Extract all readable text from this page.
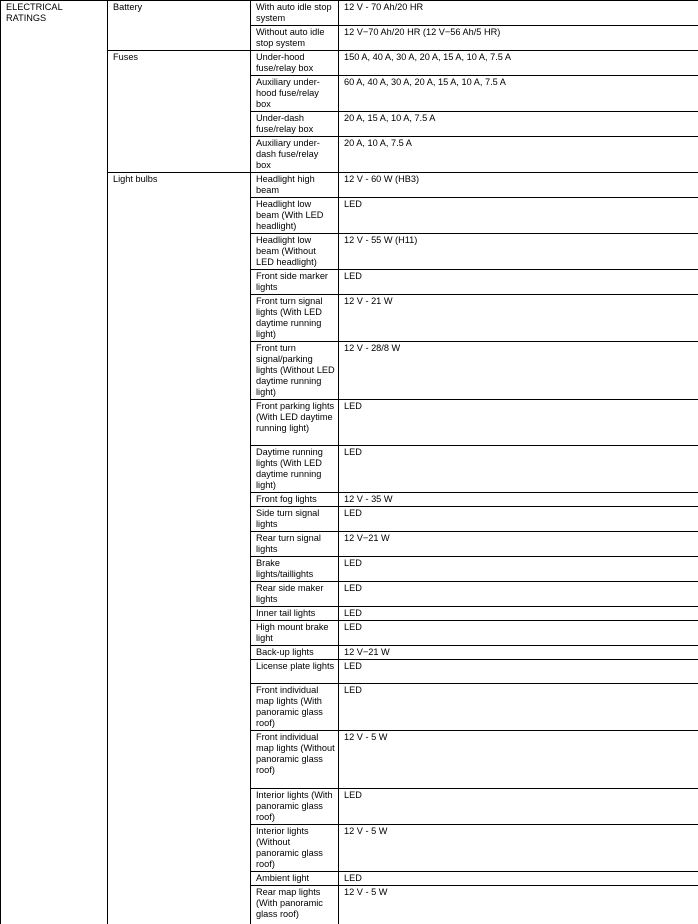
ELECTRICAL
RATINGS	Battery	With auto idle stop system	12 V - 70 Ah/20 HR
		Without auto idle stop system	12 V−70 Ah/20 HR (12 V−56 Ah/5 HR)
	Fuses	Under-hood fuse/relay box	150 A, 40 A, 30 A, 20 A, 15 A, 10 A, 7.5 A
		Auxiliary under-hood fuse/relay box	60 A, 40 A, 30 A, 20 A, 15 A, 10 A, 7.5 A
		Under-dash fuse/relay box	20 A, 15 A, 10 A, 7.5 A
		Auxiliary under-dash fuse/relay box	20 A, 10 A, 7.5 A
	Light bulbs	Headlight high beam	12 V - 60 W (HB3)
		Headlight low beam (With LED headlight)	LED
		Headlight low beam (Without LED headlight)	12 V - 55 W (H11)
		Front side marker lights	LED
		Front turn signal lights (With LED daytime running light)	12 V - 21 W
		Front turn signal/parking lights (Without LED daytime running light)	12 V - 28/8 W
		Front parking lights (With LED daytime running light)	LED
		Daytime running lights (With LED daytime running light)	LED
		Front fog lights	12 V - 35 W
		Side turn signal lights	LED
		Rear turn signal lights	12 V−21 W
		Brake lights/taillights	LED
		Rear side maker lights	LED
		Inner tail lights	LED
		High mount brake light	LED
		Back-up lights	12 V−21 W
		License plate lights	LED
		Front individual map lights (With panoramic glass roof)	LED
		Front individual map lights (Without panoramic glass roof)	12 V - 5 W
		Interior lights (With panoramic glass roof)	LED
		Interior lights (Without panoramic glass roof)	12 V - 5 W
		Ambient light	LED
		Rear map lights (With panoramic glass roof)	12 V - 5 W
